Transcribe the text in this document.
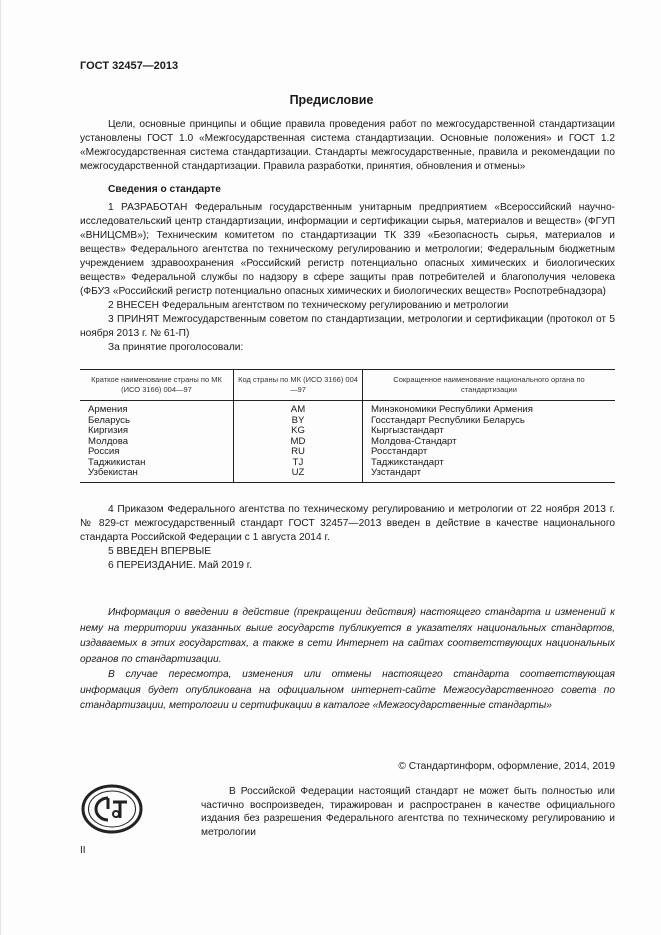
ГОСТ 32457—2013
Предисловие

Цели, основные принципы и общие правила проведения работ по межгосударственной стандартизации установлены ГОСТ 1.0 «Межгосударственная система стандартизации. Основные положения» и ГОСТ 1.2 «Межгосударственная система стандартизации. Стандарты межгосударственные, правила и рекомендации по межгосударственной стандартизации. Правила разработки, принятия, обновления и отмены»

Сведения о стандарте

1 РАЗРАБОТАН Федеральным государственным унитарным предприятием «Всероссийский научно-исследовательский центр стандартизации, информации и сертификации сырья, материалов и веществ» (ФГУП «ВНИЦСМВ»); Техническим комитетом по стандартизации ТК 339 «Безопасность сырья, материалов и веществ» Федерального агентства по техническому регулированию и метрологии; Федеральным бюджетным учреждением здравоохранения «Российский регистр потенциально опасных химических и биологических веществ» Федеральной службы по надзору в сфере защиты прав потребителей и благополучия человека (ФБУЗ «Российский регистр потенциально опасных химических и биологических веществ» Роспотребнадзора)

2 ВНЕСЕН Федеральным агентством по техническому регулированию и метрологии

3 ПРИНЯТ Межгосударственным советом по стандартизации, метрологии и сертификации (протокол от 5 ноября 2013 г. № 61-П)

За принятие проголосовали:

Краткое наименование страны по МК (ИСО 3166) 004—97	Код страны по МК (ИСО 3166) 004—97	Сокращенное наименование национального органа по стандартизации
Армения	AM	Минэкономики Республики Армения
Беларусь	BY	Госстандарт Республики Беларусь
Киргизия	KG	Кыргызстандарт
Молдова	MD	Молдова-Стандарт
Россия	RU	Росстандарт
Таджикистан	TJ	Таджикстандарт
Узбекистан	UZ	Узстандарт

4 Приказом Федерального агентства по техническому регулированию и метрологии от 22 ноября 2013 г. № 829-ст межгосударственный стандарт ГОСТ 32457—2013 введен в действие в качестве национального стандарта Российской Федерации с 1 августа 2014 г.

5 ВВЕДЕН ВПЕРВЫЕ

6 ПЕРЕИЗДАНИЕ. Май 2019 г.

Информация о введении в действие (прекращении действия) настоящего стандарта и изменений к нему на территории указанных выше государств публикуется в указателях национальных стандартов, издаваемых в этих государствах, а также в сети Интернет на сайтах соответствующих национальных органов по стандартизации.

В случае пересмотра, изменения или отмены настоящего стандарта соответствующая информация будет опубликована на официальном интернет-сайте Межгосударственного совета по стандартизации, метрологии и сертификации в каталоге «Межгосударственные стандарты»

© Стандартинформ, оформление, 2014, 2019

В Российской Федерации настоящий стандарт не может быть полностью или частично воспроизведен, тиражирован и распространен в качестве официального издания без разрешения Федерального агентства по техническому регулированию и метрологии

II
